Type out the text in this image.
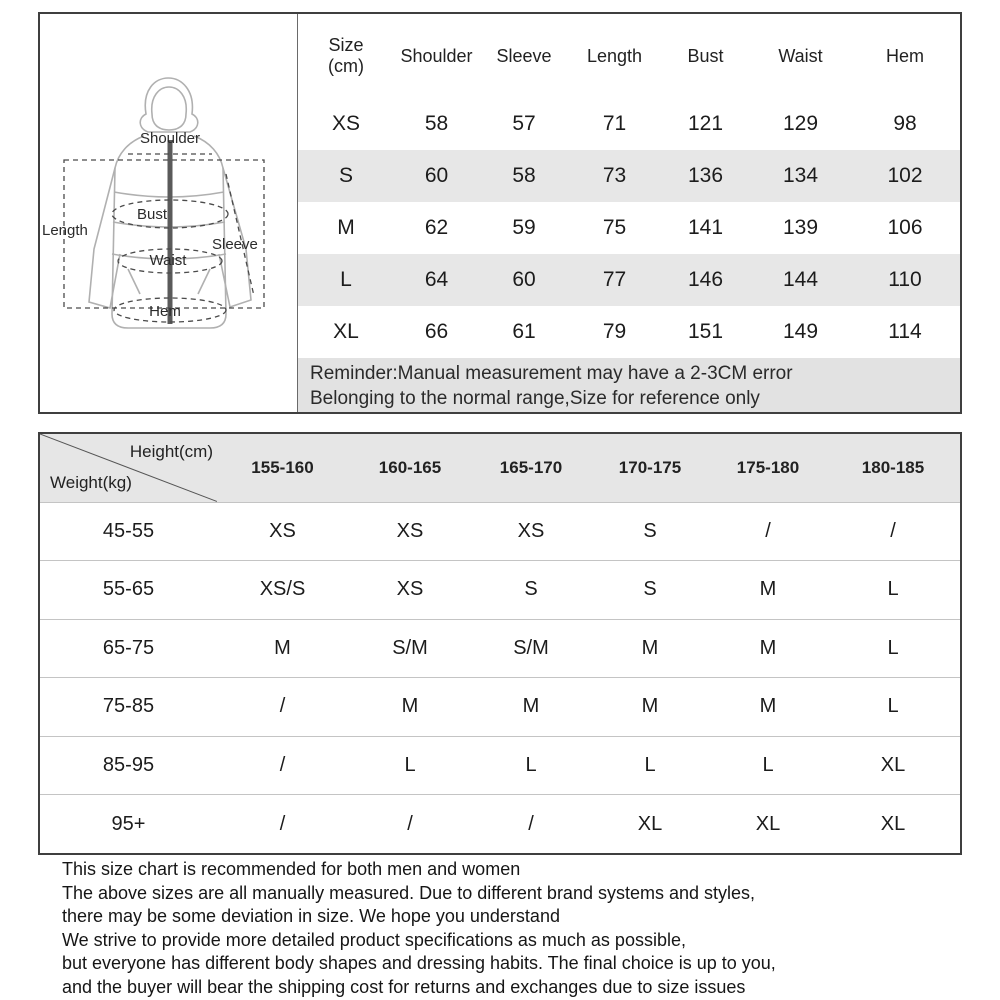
Shoulder
Length
Bust
Waist
Sleeve
Hem
Size
(cm)	Shoulder	Sleeve	Length	Bust	Waist	Hem
XS	58	57	71	121	129	98
S	60	58	73	136	134	102
M	62	59	75	141	139	106
L	64	60	77	146	144	110
XL	66	61	79	151	149	114
Reminder:Manual measurement may have a 2-3CM error
Belonging to the normal range,Size for reference only
Height(cm)
Weight(kg)	155-160	160-165	165-170	170-175	175-180	180-185
45-55	XS	XS	XS	S	/	/
55-65	XS/S	XS	S	S	M	L
65-75	M	S/M	S/M	M	M	L
75-85	/	M	M	M	M	L
85-95	/	L	L	L	L	XL
95+	/	/	/	XL	XL	XL
This size chart is recommended for both men and women
The above sizes are all manually measured. Due to different brand systems and styles,
there may be some deviation in size. We hope you understand
We strive to provide more detailed product specifications as much as possible,
but everyone has different body shapes and dressing habits. The final choice is up to you,
and the buyer will bear the shipping cost for returns and exchanges due to size issues
